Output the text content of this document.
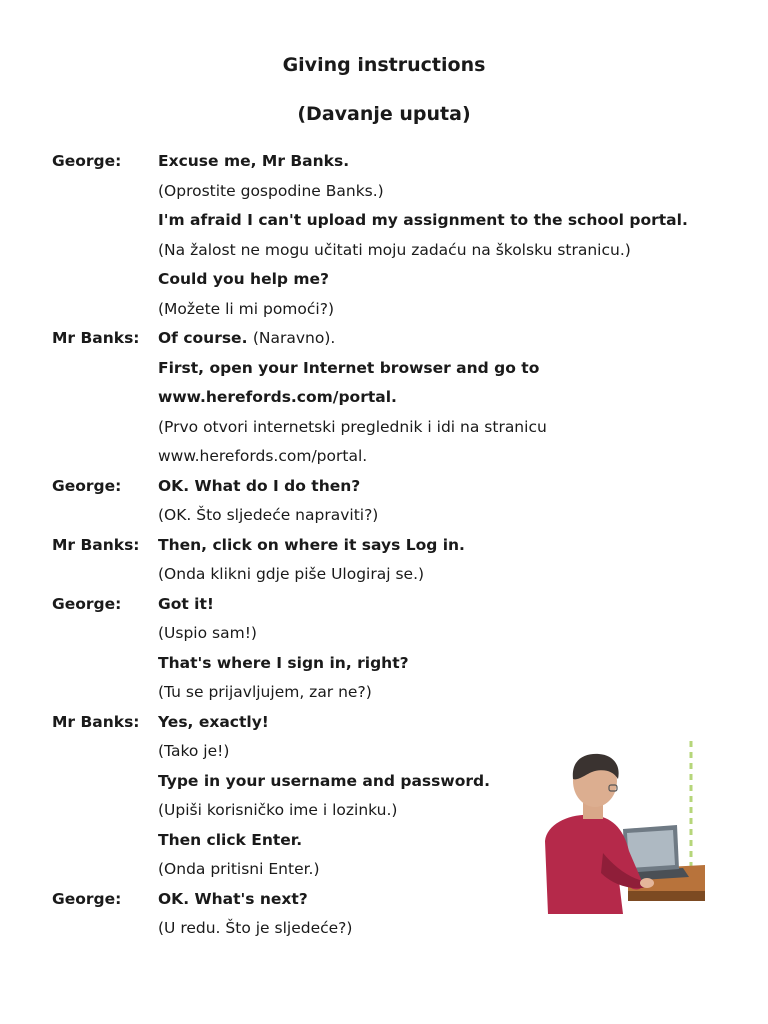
Giving instructions
(Davanje uputa)
George:	Excuse me, Mr Banks.
(Oprostite gospodine Banks.)
I'm afraid I can't upload my assignment to the school portal.
(Na žalost ne mogu učitati moju zadaću na školsku stranicu.)
Could you help me?
(Možete li mi pomoći?)
Mr Banks:	Of course. (Naravno).
First, open your Internet browser and go to
www.herefords.com/portal.
(Prvo otvori internetski preglednik i idi na stranicu
www.herefords.com/portal.
George:	OK. What do I do then?
(OK. Što sljedeće napraviti?)
Mr Banks:	Then, click on where it says Log in.
(Onda klikni gdje piše Ulogiraj se.)
George:	Got it!
(Uspio sam!)
That's where I sign in, right?
(Tu se prijavljujem, zar ne?)
Mr Banks:	Yes, exactly!
(Tako je!)
Type in your username and password.
(Upiši korisničko ime i lozinku.)
Then click Enter.
(Onda pritisni Enter.)
George:	OK. What's next?
(U redu. Što je sljedeće?)
